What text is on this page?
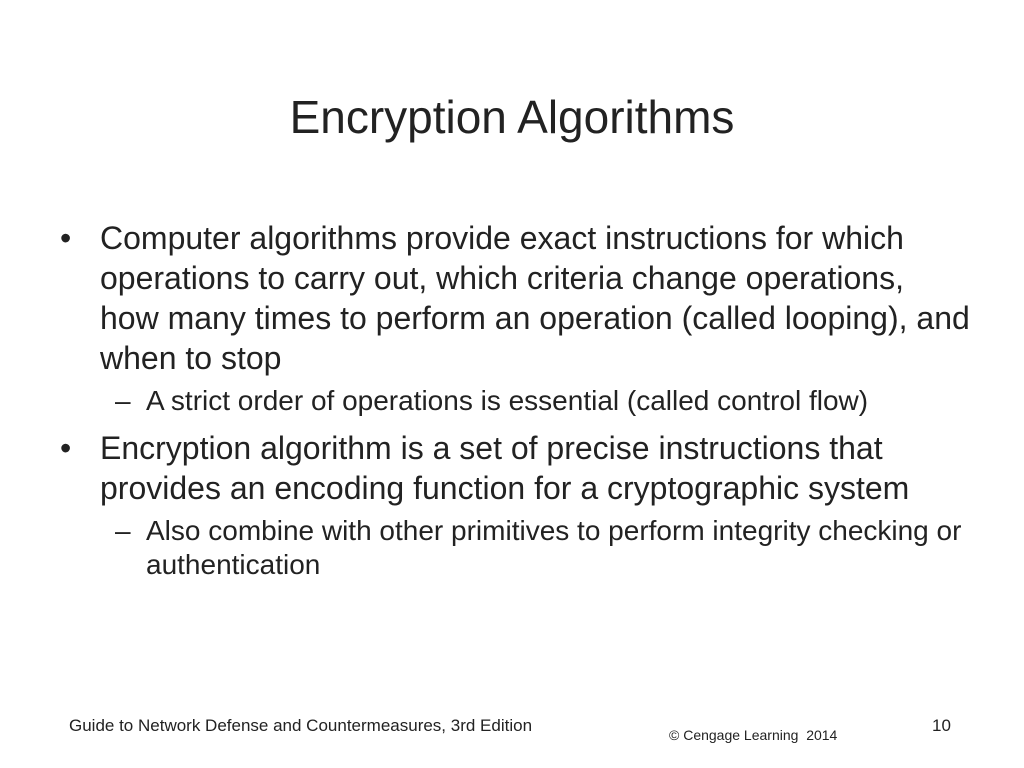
Encryption Algorithms
• Computer algorithms provide exact instructions for which operations to carry out, which criteria change operations, how many times to perform an operation (called looping), and when to stop
– A strict order of operations is essential (called control flow)
• Encryption algorithm is a set of precise instructions that provides an encoding function for a cryptographic system
– Also combine with other primitives to perform integrity checking or authentication
Guide to Network Defense and Countermeasures, 3rd Edition	© Cengage Learning  2014	10
